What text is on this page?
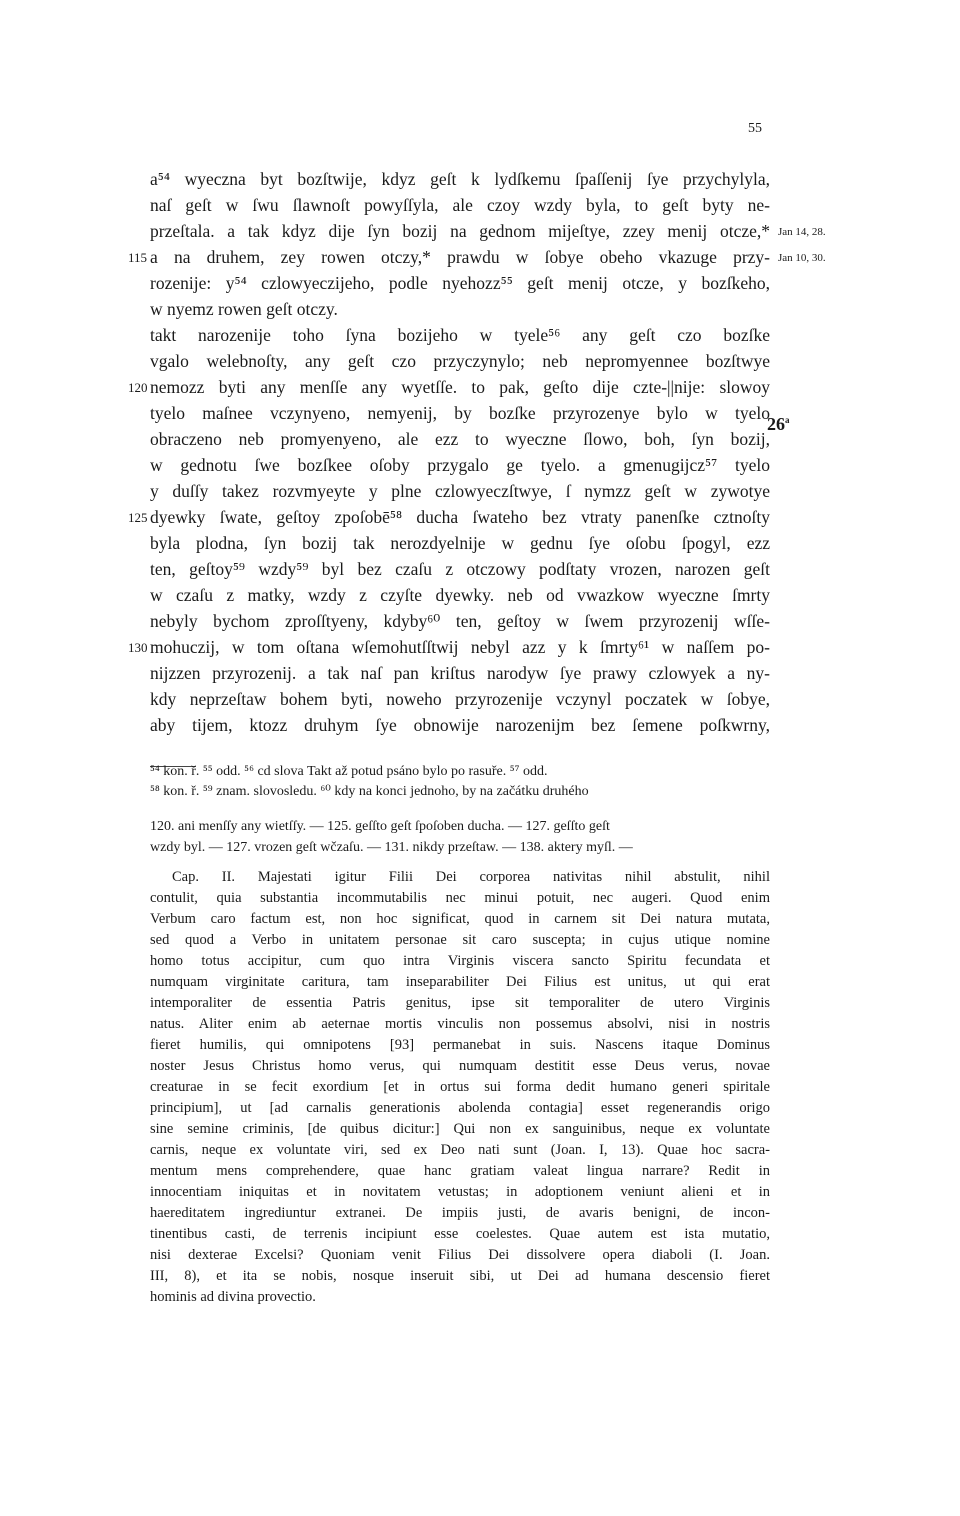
55
a⁵⁴ wyeczna byt bozſtwije, kdyz geſt k lydſkemu ſpaſſenij ſye przychylyla,
naſ geſt w ſwu ſlawnoſt powyſſyla, ale czoy wzdy byla, to geſt byty ne-
przeſtala. a tak kdyz dije ſyn bozij na gednom mijeſtye, zzey menij otcze,*
a na druhem, zey rowen otczy,* prawdu w ſobye obeho vkazuge przy-
rozenije: y⁵⁴ czlowyeczijeho, podle nyehozz⁵⁵ geſt menij otcze, y bozſkeho,
w nyemz rowen geſt otczy.
takt narozenije toho ſyna bozijeho w tyele⁵⁶ any geſt czo bozſke
vgalo welebnoſty, any geſt czo przyczynylo; neb nepromyennee bozſtwye
nemozz byti any menſſe any wyetſſe. to pak, geſto dije czte-||nije: slowoy
tyelo maſnee vczynyeno, nemyenij, by bozſke przyrozenye bylo w tyelo
obraczeno neb promyenyeno, ale ezz to wyeczne ſlowo, boh, ſyn bozij,
w gednotu ſwe bozſkee oſoby przygalo ge tyelo. a gmenugijcz⁵⁷ tyelo
y duſſy takez rozvmyeyte y plne czlowyeczſtwye, ſ nymzz geſt w zywotye
dyewky ſwate, geſtoy zpoſobē⁵⁸ ducha ſwateho bez vtraty panenſke cztnoſty
byla plodna, ſyn bozij tak nerozdyelnije w gednu ſye oſobu ſpogyl, ezz
ten, geſtoy⁵⁹ wzdy⁵⁹ byl bez czaſu z otczowy podſtaty vrozen, narozen geſt
w czaſu z matky, wzdy z czyſte dyewky. neb od vwazkow wyeczne ſmrty
nebyly bychom zproſſtyeny, kdyby⁶⁰ ten, geſtoy w ſwem przyrozenij wſſe-
mohuczij, w tom oſtana wſemohutſſtwij nebyl azz y k ſmrty⁶¹ w naſſem po-
nijzzen przyrozenij. a tak naſ pan kriſtus narodyw ſye prawy czlowyek a ny-
kdy neprzeſtaw bohem byti, noweho przyrozenije vczynyl poczatek w ſobye,
aby tijem, ktozz druhym ſye obnowije narozenijm bez ſemene poſkwrny,
115
120
125
130
Jan 14, 28.
Jan 10, 30.
26$^a$
⁵⁴ kon. ř. ⁵⁵ odd. ⁵⁶ cd slova Takt až potud psáno bylo po rasuře. ⁵⁷ odd.
⁵⁸ kon. ř. ⁵⁹ znam. slovosledu. ⁶⁰ kdy na konci jednoho, by na začátku druhého
120. ani menſſy any wietſſy. — 125. geſſto geſt ſpoſoben ducha. — 127. geſſto geſt
wzdy byl. — 127. vrozen geſt wčzaſu. — 131. nikdy przeſtaw. — 138. aktery myſl. —
Cap. II. Majestati igitur Filii Dei corporea nativitas nihil abstulit, nihil
contulit, quia substantia incommutabilis nec minui potuit, nec augeri. Quod enim
Verbum caro factum est, non hoc significat, quod in carnem sit Dei natura mutata,
sed quod a Verbo in unitatem personae sit caro suscepta; in cujus utique nomine
homo totus accipitur, cum quo intra Virginis viscera sancto Spiritu fecundata et
numquam virginitate caritura, tam inseparabiliter Dei Filius est unitus, ut qui erat
intemporaliter de essentia Patris genitus, ipse sit temporaliter de utero Virginis
natus. Aliter enim ab aeternae mortis vinculis non possemus absolvi, nisi in nostris
fieret humilis, qui omnipotens [93] permanebat in suis. Nascens itaque Dominus
noster Jesus Christus homo verus, qui numquam destitit esse Deus verus, novae
creaturae in se fecit exordium [et in ortus sui forma dedit humano generi spiritale
principium], ut [ad carnalis generationis abolenda contagia] esset regenerandis origo
sine semine criminis, [de quibus dicitur:] Qui non ex sanguinibus, neque ex voluntate
carnis, neque ex voluntate viri, sed ex Deo nati sunt (Joan. I, 13). Quae hoc sacra-
mentum mens comprehendere, quae hanc gratiam valeat lingua narrare? Redit in
innocentiam iniquitas et in novitatem vetustas; in adoptionem veniunt alieni et in
haereditatem ingrediuntur extranei. De impiis justi, de avaris benigni, de incon-
tinentibus casti, de terrenis incipiunt esse coelestes. Quae autem est ista mutatio,
nisi dexterae Excelsi? Quoniam venit Filius Dei dissolvere opera diaboli (I. Joan.
III, 8), et ita se nobis, nosque inseruit sibi, ut Dei ad humana descensio fieret
hominis ad divina provectio.
